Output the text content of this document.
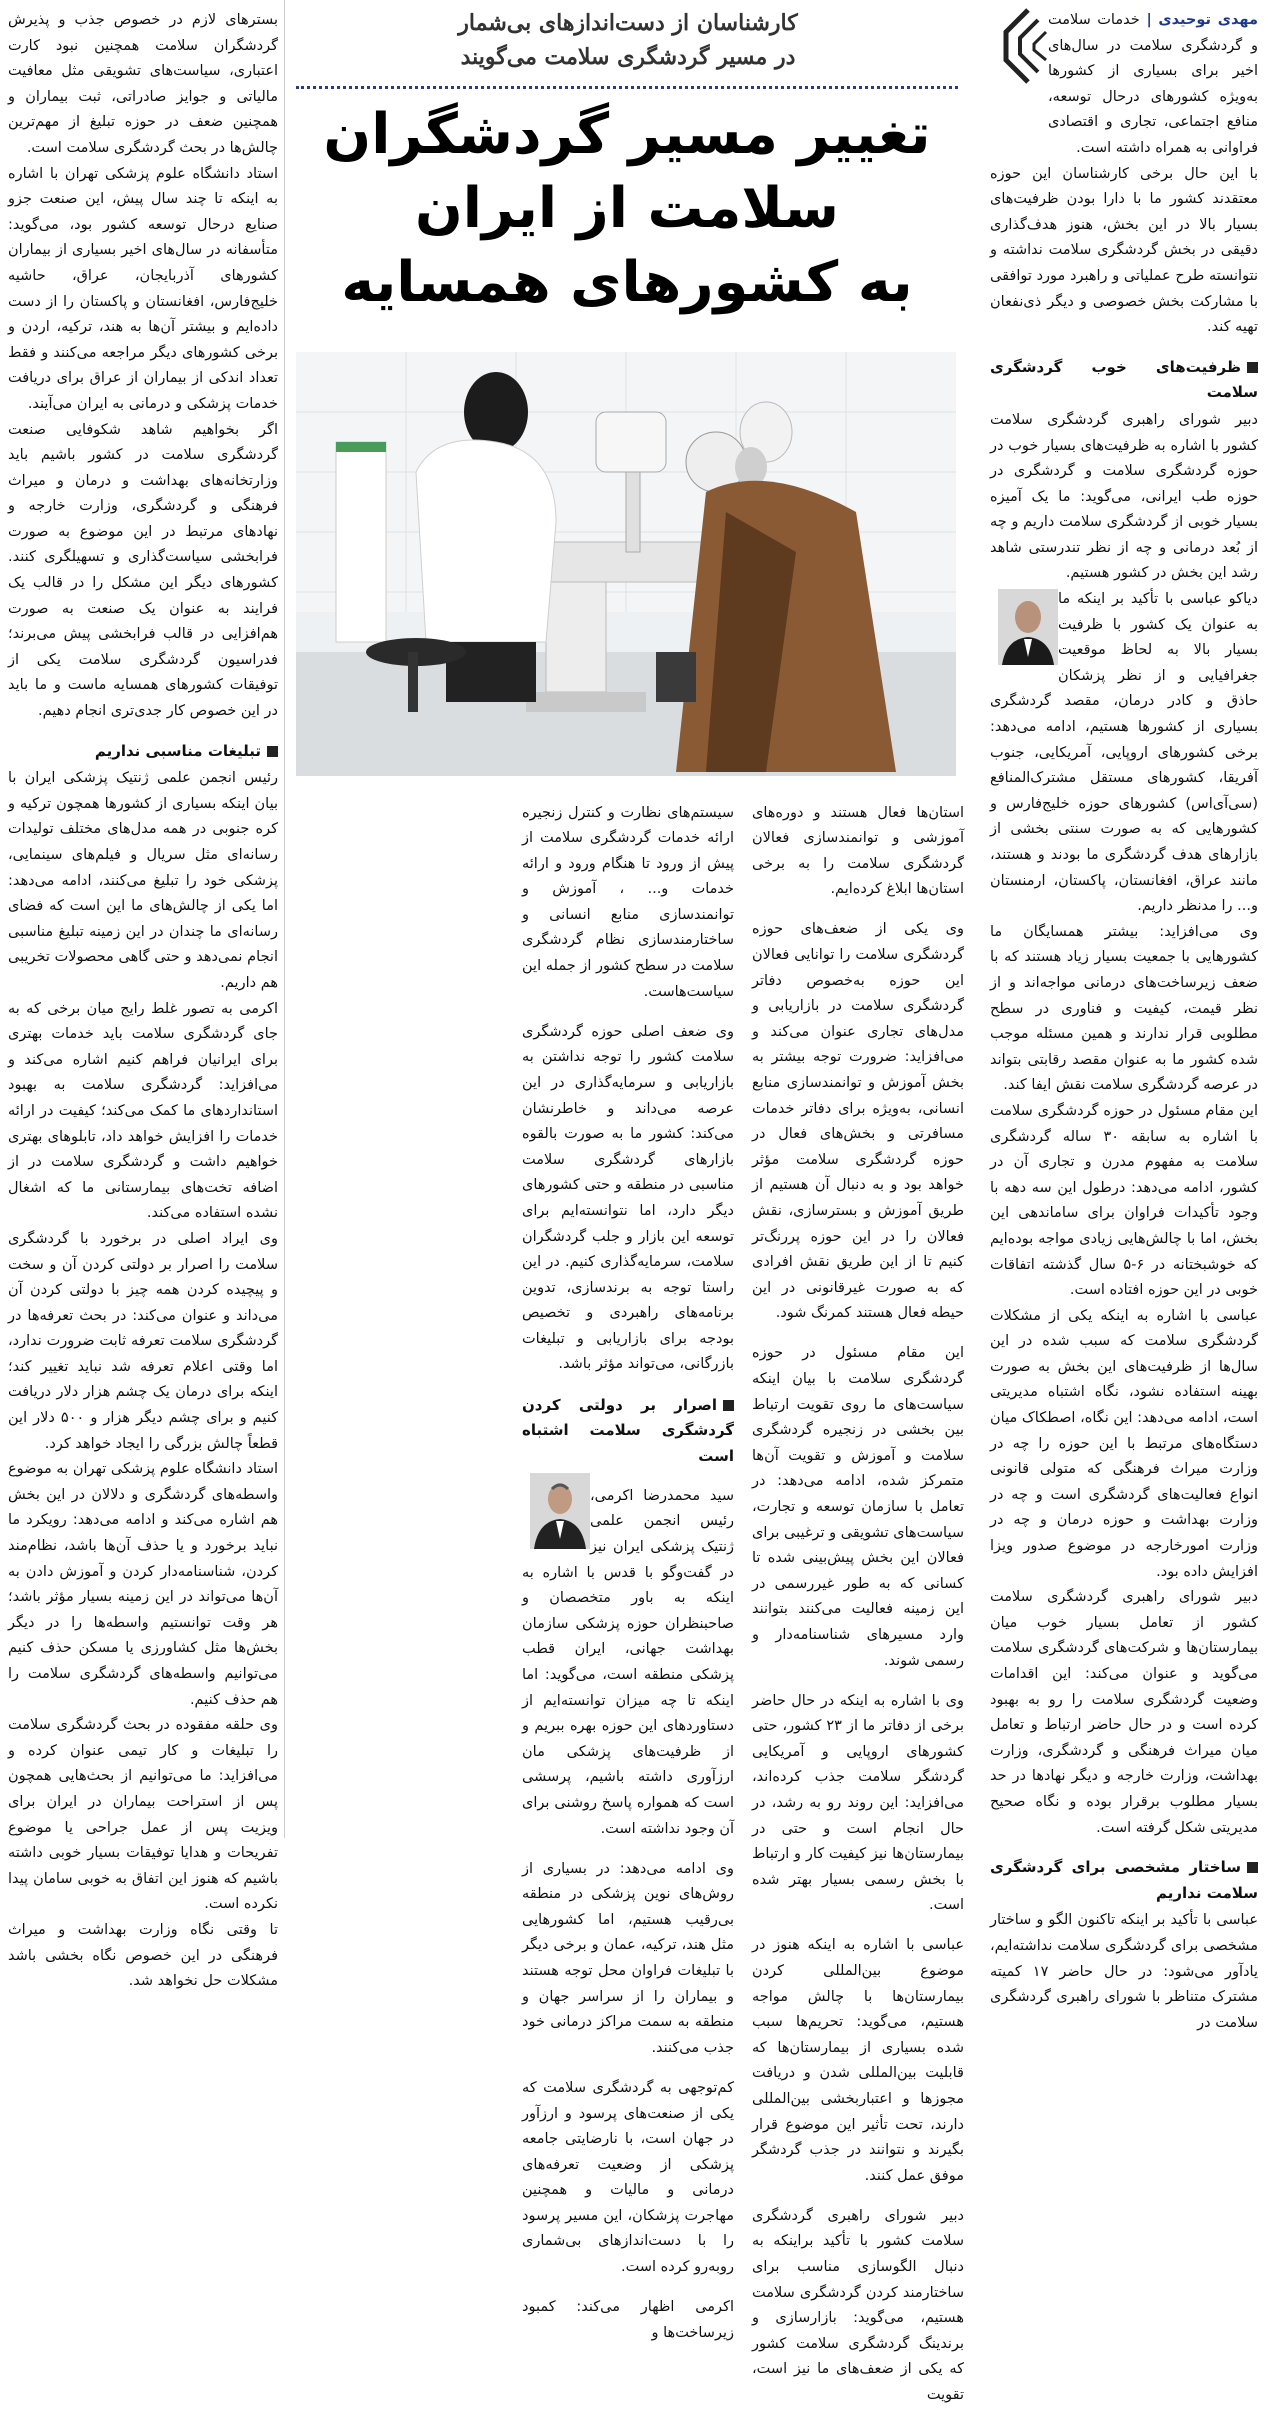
مهدی توحیدی | خدمات سلامت و گردشگری سلامت در سال‌های اخیر برای بسیاری از کشورها به‌ویژه کشورهای درحال توسعه، منافع اجتماعی، تجاری و اقتصادی فراوانی به همراه داشته است.

با این حال برخی کارشناسان این حوزه معتقدند کشور ما با دارا بودن ظرفیت‌های بسیار بالا در این بخش، هنوز هدف‌گذاری دقیقی در بخش گردشگری سلامت نداشته و نتوانسته طرح عملیاتی و راهبرد مورد توافقی با مشارکت بخش خصوصی و دیگر ذی‌نفعان تهیه کند.

ظرفیت‌های خوب گردشگری سلامت

دبیر شورای راهبری گردشگری سلامت کشور با اشاره به ظرفیت‌های بسیار خوب در حوزه گردشگری سلامت و گردشگری در حوزه طب ایرانی، می‌گوید: ما یک آمیزه بسیار خوبی از گردشگری سلامت داریم و چه از بُعد درمانی و چه از نظر تندرستی شاهد رشد این بخش در کشور هستیم.

دیاکو عباسی با تأکید بر اینکه ما به عنوان یک کشور با ظرفیت بسیار بالا به لحاظ موقعیت جغرافیایی و از نظر پزشکان حاذق و کادر درمان، مقصد گردشگری بسیاری از کشورها هستیم، ادامه می‌دهد: برخی کشورهای اروپایی، آمریکایی، جنوب آفریقا، کشورهای مستقل مشترک‌المنافع (سی‌آی‌اس) کشورهای حوزه خلیج‌فارس و کشورهایی که به صورت سنتی بخشی از بازارهای هدف گردشگری ما بودند و هستند، مانند عراق، افغانستان، پاکستان، ارمنستان و... را مدنظر داریم.

وی می‌افزاید: بیشتر همسایگان ما کشورهایی با جمعیت بسیار زیاد هستند که با ضعف زیرساخت‌های درمانی مواجه‌اند و از نظر قیمت، کیفیت و فناوری در سطح مطلوبی قرار ندارند و همین مسئله موجب شده کشور ما به عنوان مقصد رقابتی بتواند در عرصه گردشگری سلامت نقش ایفا کند.

این مقام مسئول در حوزه گردشگری سلامت با اشاره به سابقه ۳۰ ساله گردشگری سلامت به مفهوم مدرن و تجاری آن در کشور، ادامه می‌دهد: درطول این سه دهه با وجود تأکیدات فراوان برای ساماندهی این بخش، اما با چالش‌هایی زیادی مواجه بوده‌ایم که خوشبختانه در ۶-۵ سال گذشته اتفاقات خوبی در این حوزه افتاده است.

عباسی با اشاره به اینکه یکی از مشکلات گردشگری سلامت که سبب شده در این سال‌ها از ظرفیت‌های این بخش به صورت بهینه استفاده نشود، نگاه اشتباه مدیریتی است، ادامه می‌دهد: این نگاه، اصطکاک میان دستگاه‌های مرتبط با این حوزه را چه در وزارت میراث فرهنگی که متولی قانونی انواع فعالیت‌های گردشگری است و چه در وزارت بهداشت و حوزه درمان و چه در وزارت امورخارجه در موضوع صدور ویزا افزایش داده بود.

دبیر شورای راهبری گردشگری سلامت کشور از تعامل بسیار خوب میان بیمارستان‌ها و شرکت‌های گردشگری سلامت می‌گوید و عنوان می‌کند: این اقدامات وضعیت گردشگری سلامت را رو به بهبود کرده است و در حال حاضر ارتباط و تعامل میان میراث فرهنگی و گردشگری، وزارت بهداشت، وزارت خارجه و دیگر نهادها در حد بسیار مطلوب برقرار بوده و نگاه صحیح مدیریتی شکل گرفته است.

ساختار مشخصی برای گردشگری سلامت نداریم

عباسی با تأکید بر اینکه تاکنون الگو و ساختار مشخصی برای گردشگری سلامت نداشته‌ایم، یادآور می‌شود: در حال حاضر ۱۷ کمیته مشترک متناظر با شورای راهبری گردشگری سلامت در

کارشناسان از دست‌اندازهای بی‌شمار
در مسیر گردشگری سلامت می‌گویند
تغییر مسیر گردشگران
سلامت از ایران
به کشورهای همسایه

استان‌ها فعال هستند و دوره‌های آموزشی و توانمندسازی فعالان گردشگری سلامت را به برخی استان‌ها ابلاغ کرده‌ایم.

وی یکی از ضعف‌های حوزه گردشگری سلامت را توانایی فعالان این حوزه به‌خصوص دفاتر گردشگری سلامت در بازاریابی و مدل‌های تجاری عنوان می‌کند و می‌افزاید: ضرورت توجه بیشتر به بخش آموزش و توانمندسازی منابع انسانی، به‌ویژه برای دفاتر خدمات مسافرتی و بخش‌های فعال در حوزه گردشگری سلامت مؤثر خواهد بود و به دنبال آن هستیم از طریق آموزش و بسترسازی، نقش فعالان را در این حوزه پررنگ‌تر کنیم تا از این طریق نقش افرادی که به صورت غیرقانونی در این حیطه فعال هستند کمرنگ شود.

این مقام مسئول در حوزه گردشگری سلامت با بیان اینکه سیاست‌های ما روی تقویت ارتباط بین بخشی در زنجیره گردشگری سلامت و آموزش و تقویت آن‌ها متمرکز شده، ادامه می‌دهد: در تعامل با سازمان توسعه و تجارت، سیاست‌های تشویقی و ترغیبی برای فعالان این بخش پیش‌بینی شده تا کسانی که به طور غیررسمی در این زمینه فعالیت می‌کنند بتوانند وارد مسیرهای شناسنامه‌دار و رسمی شوند.

وی با اشاره به اینکه در حال حاضر برخی از دفاتر ما از ۲۳ کشور، حتی کشورهای اروپایی و آمریکایی گردشگر سلامت جذب کرده‌اند، می‌افزاید: این روند رو به رشد، در حال انجام است و حتی در بیمارستان‌ها نیز کیفیت کار و ارتباط با بخش رسمی بسیار بهتر شده است.

عباسی با اشاره به اینکه هنوز در موضوع بین‌المللی کردن بیمارستان‌ها با چالش مواجه هستیم، می‌گوید: تحریم‌ها سبب شده بسیاری از بیمارستان‌ها که قابلیت بین‌المللی شدن و دریافت مجوزها و اعتباربخشی بین‌المللی دارند، تحت تأثیر این موضوع قرار بگیرند و نتوانند در جذب گردشگر موفق عمل کنند.

دبیر شورای راهبری گردشگری سلامت کشور با تأکید براینکه به دنبال الگوسازی مناسب برای ساختارمند کردن گردشگری سلامت هستیم، می‌گوید: بازارسازی و برندینگ گردشگری سلامت کشور که یکی از ضعف‌های ما نیز است، تقویت

سیستم‌های نظارت و کنترل زنجیره ارائه خدمات گردشگری سلامت از پیش از ورود تا هنگام ورود و ارائه خدمات و... ، آموزش و توانمندسازی منابع انسانی و ساختارمندسازی نظام گردشگری سلامت در سطح کشور از جمله این سیاست‌هاست.

وی ضعف اصلی حوزه گردشگری سلامت کشور را توجه نداشتن به بازاریابی و سرمایه‌گذاری در این عرصه می‌داند و خاطرنشان می‌کند: کشور ما به صورت بالقوه بازارهای گردشگری سلامت مناسبی در منطقه و حتی کشورهای دیگر دارد، اما نتوانسته‌ایم برای توسعه این بازار و جلب گردشگران سلامت، سرمایه‌گذاری کنیم. در این راستا توجه به برندسازی، تدوین برنامه‌های راهبردی و تخصیص بودجه برای بازاریابی و تبلیغات بازرگانی، می‌تواند مؤثر باشد.

اصرار بر دولتی کردن گردشگری سلامت اشتباه است

سید محمدرضا اکرمی، رئیس انجمن علمی ژنتیک پزشکی ایران نیز در گفت‌وگو با قدس با اشاره به اینکه به باور متخصصان و صاحبنظران حوزه پزشکی سازمان بهداشت جهانی، ایران قطب پزشکی منطقه است، می‌گوید: اما اینکه تا چه میزان توانسته‌ایم از دستاوردهای این حوزه بهره ببریم و از ظرفیت‌های پزشکی مان ارزآوری داشته باشیم، پرسشی است که همواره پاسخ روشنی برای آن وجود نداشته است.

وی ادامه می‌دهد: در بسیاری از روش‌های نوین پزشکی در منطقه بی‌رقیب هستیم، اما کشورهایی مثل هند، ترکیه، عمان و برخی دیگر با تبلیغات فراوان محل توجه هستند و بیماران را از سراسر جهان و منطقه به سمت مراکز درمانی خود جذب می‌کنند.

کم‌توجهی به گردشگری سلامت که یکی از صنعت‌های پرسود و ارزآور در جهان است، با نارضایتی جامعه پزشکی از وضعیت تعرفه‌های درمانی و مالیات و همچنین مهاجرت پزشکان، این مسیر پرسود را با دست‌اندازهای بی‌شماری روبه‌رو کرده است.

اکرمی اظهار می‌کند: کمبود زیرساخت‌ها و

بسترهای لازم در خصوص جذب و پذیرش گردشگران سلامت همچنین نبود کارت اعتباری، سیاست‌های تشویقی مثل معافیت مالیاتی و جوایز صادراتی، ثبت بیماران و همچنین ضعف در حوزه تبلیغ از مهم‌ترین چالش‌ها در بحث گردشگری سلامت است.

استاد دانشگاه علوم پزشکی تهران با اشاره به اینکه تا چند سال پیش، این صنعت جزو صنایع درحال توسعه کشور بود، می‌گوید: متأسفانه در سال‌های اخیر بسیاری از بیماران کشورهای آذربایجان، عراق، حاشیه خلیج‌فارس، افغانستان و پاکستان را از دست داده‌ایم و بیشتر آن‌ها به هند، ترکیه، اردن و برخی کشورهای دیگر مراجعه می‌کنند و فقط تعداد اندکی از بیماران از عراق برای دریافت خدمات پزشکی و درمانی به ایران می‌آیند.

اگر بخواهیم شاهد شکوفایی صنعت گردشگری سلامت در کشور باشیم باید وزارتخانه‌های بهداشت و درمان و میراث فرهنگی و گردشگری، وزارت خارجه و نهادهای مرتبط در این موضوع به صورت فرابخشی سیاست‌گذاری و تسهیلگری کنند. کشورهای دیگر این مشکل را در قالب یک فرایند به عنوان یک صنعت به صورت هم‌افزایی در قالب فرابخشی پیش می‌برند؛ فدراسیون گردشگری سلامت یکی از توفیقات کشورهای همسایه ماست و ما باید در این خصوص کار جدی‌تری انجام دهیم.

تبلیغات مناسبی نداریم

رئیس انجمن علمی ژنتیک پزشکی ایران با بیان اینکه بسیاری از کشورها همچون ترکیه و کره جنوبی در همه مدل‌های مختلف تولیدات رسانه‌ای مثل سریال و فیلم‌های سینمایی، پزشکی خود را تبلیغ می‌کنند، ادامه می‌دهد: اما یکی از چالش‌های ما این است که فضای رسانه‌ای ما چندان در این زمینه تبلیغ مناسبی انجام نمی‌دهد و حتی گاهی محصولات تخریبی هم داریم.

اکرمی به تصور غلط رایج میان برخی که به جای گردشگری سلامت باید خدمات بهتری برای ایرانیان فراهم کنیم اشاره می‌کند و می‌افزاید: گردشگری سلامت به بهبود استانداردهای ما کمک می‌کند؛ کیفیت در ارائه خدمات را افزایش خواهد داد، تابلوهای بهتری خواهیم داشت و گردشگری سلامت در از اضافه تخت‌های بیمارستانی ما که اشغال نشده استفاده می‌کند.

وی ایراد اصلی در برخورد با گردشگری سلامت را اصرار بر دولتی کردن آن و سخت و پیچیده کردن همه چیز با دولتی کردن آن می‌داند و عنوان می‌کند: در بحث تعرفه‌ها در گردشگری سلامت تعرفه ثابت ضرورت ندارد، اما وقتی اعلام تعرفه شد نباید تغییر کند؛ اینکه برای درمان یک چشم هزار دلار دریافت کنیم و برای چشم دیگر هزار و ۵۰۰ دلار این قطعاً چالش بزرگی را ایجاد خواهد کرد.

استاد دانشگاه علوم پزشکی تهران به موضوع واسطه‌های گردشگری و دلالان در این بخش هم اشاره می‌کند و ادامه می‌دهد: رویکرد ما نباید برخورد و یا حذف آن‌ها باشد، نظام‌مند کردن، شناسنامه‌دار کردن و آموزش دادن به آن‌ها می‌تواند در این زمینه بسیار مؤثر باشد؛ هر وقت توانستیم واسطه‌ها را در دیگر بخش‌ها مثل کشاورزی یا مسکن حذف کنیم می‌توانیم واسطه‌های گردشگری سلامت را هم حذف کنیم.

وی حلقه مفقوده در بحث گردشگری سلامت را تبلیغات و کار تیمی عنوان کرده و می‌افزاید: ما می‌توانیم از بحث‌هایی همچون پس از استراحت بیماران در ایران برای ویزیت پس از عمل جراحی یا موضوع تفریحات و هدایا توفیقات بسیار خوبی داشته باشیم که هنوز این اتفاق به خوبی سامان پیدا نکرده است.

تا وقتی نگاه وزارت بهداشت و میراث فرهنگی در این خصوص نگاه بخشی باشد مشکلات حل نخواهد شد.
